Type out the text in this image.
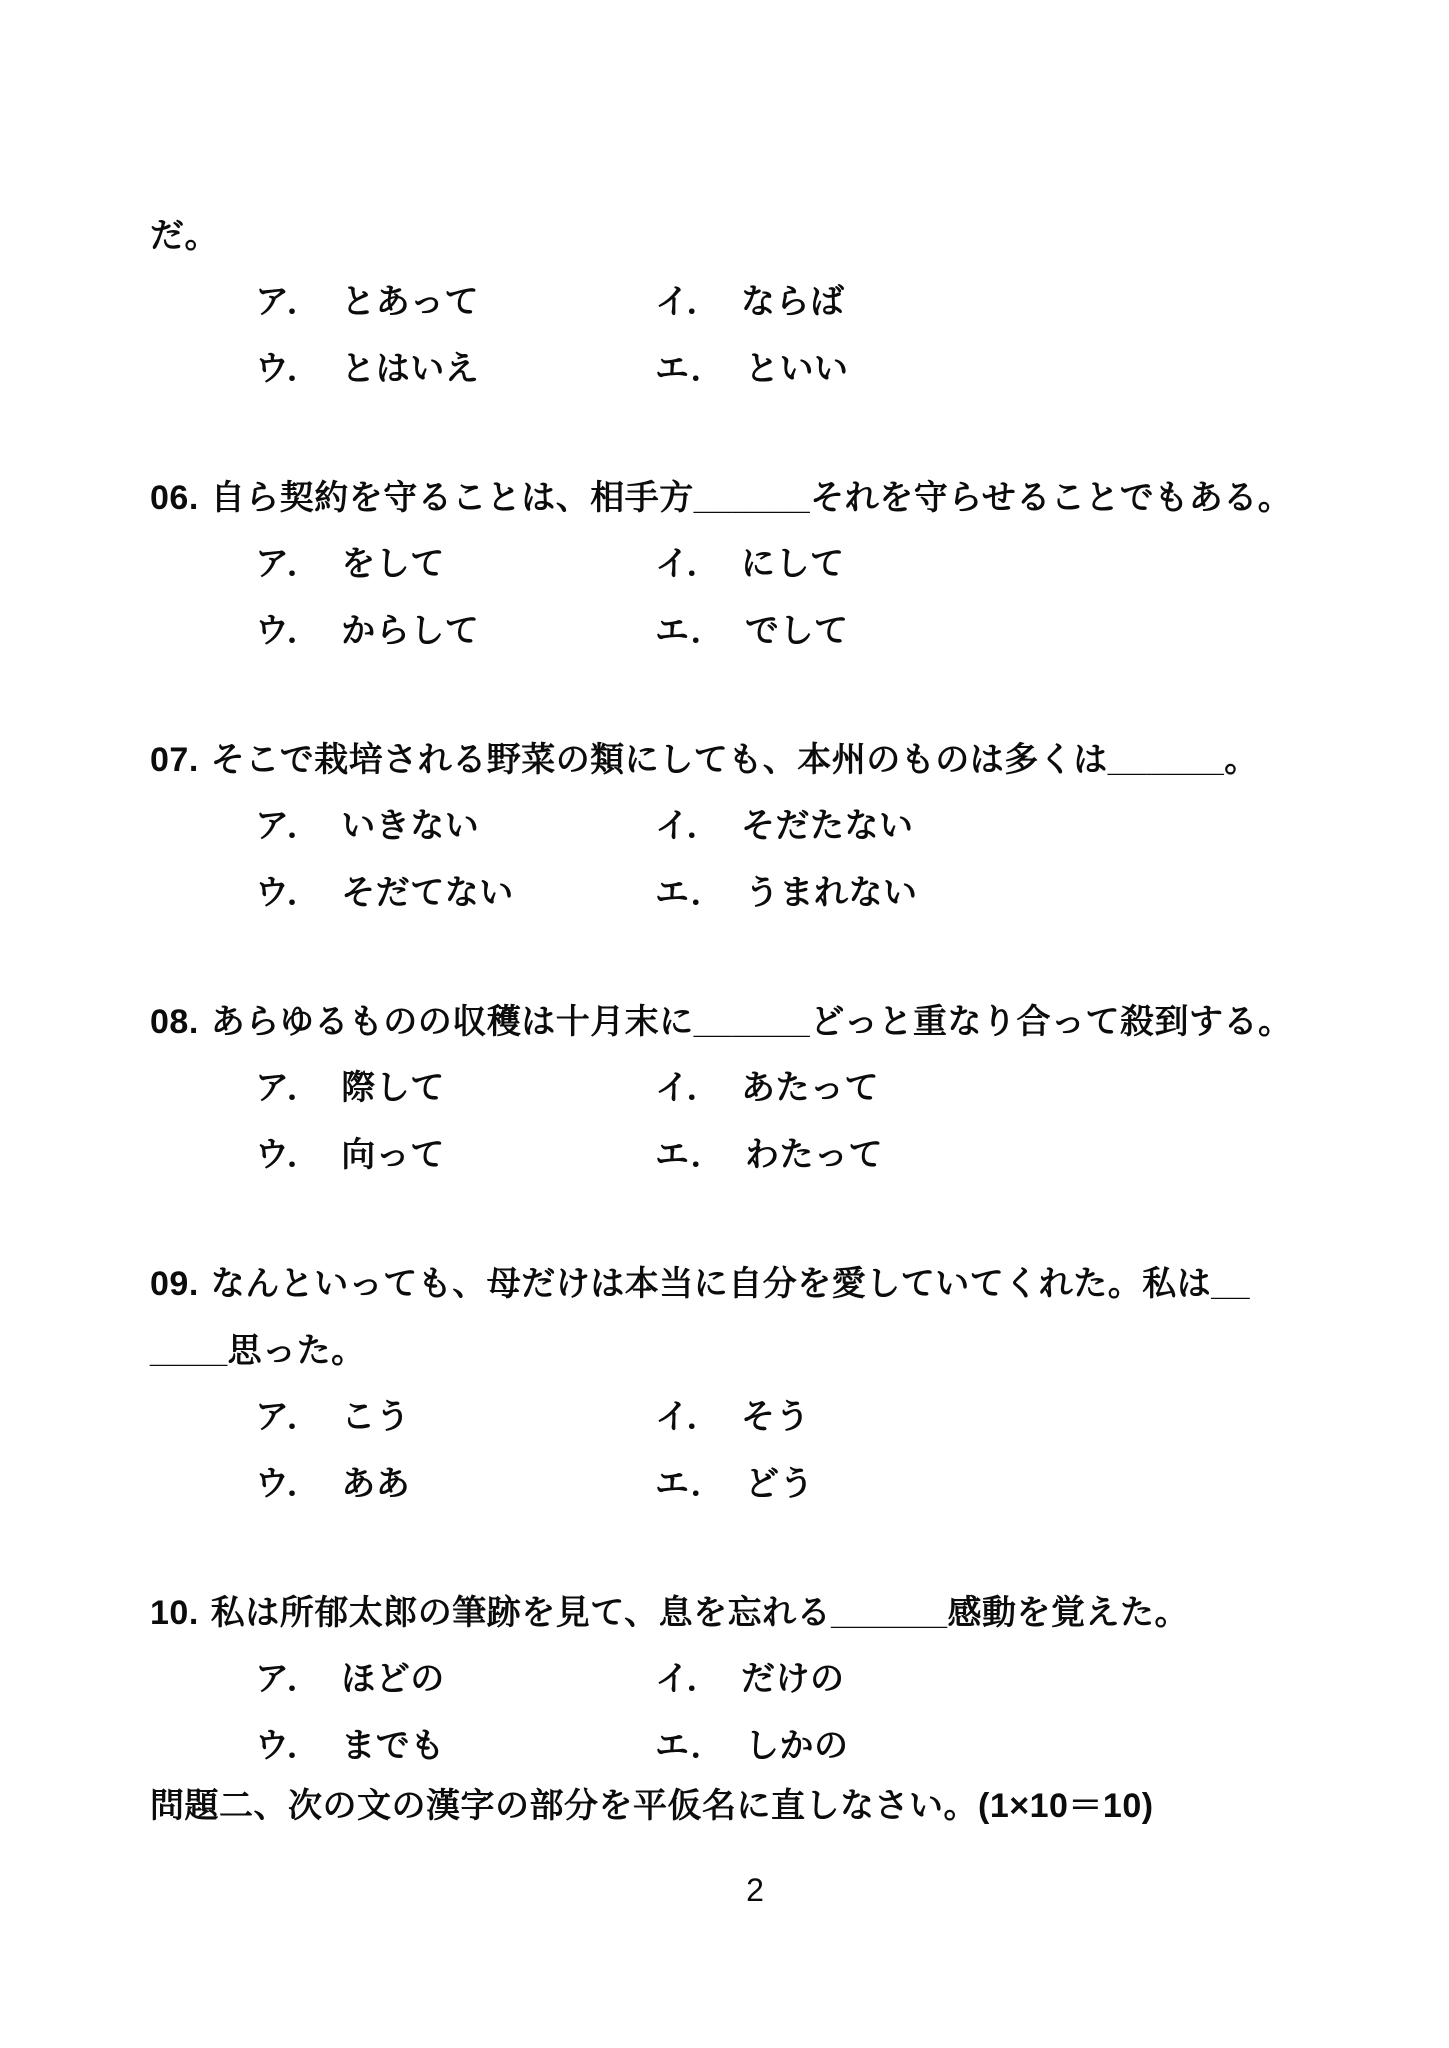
だ。
ア． とあって	イ． ならば
ウ． とはいえ	エ． といい
06. 自ら契約を守ることは、相手方______それを守らせることでもある。
ア． をして	イ． にして
ウ． からして	エ． でして
07. そこで栽培される野菜の類にしても、本州のものは多くは______。
ア． いきない	イ． そだたない
ウ． そだてない	エ． うまれない
08. あらゆるものの収穫は十月末に______どっと重なり合って殺到する。
ア． 際して	イ． あたって
ウ． 向って	エ． わたって
09. なんといっても、母だけは本当に自分を愛していてくれた。私は__
____思った。
ア． こう	イ． そう
ウ． ああ	エ． どう
10. 私は所郁太郎の筆跡を見て、息を忘れる______感動を覚えた。
ア． ほどの	イ． だけの
ウ． までも	エ． しかの
問題二、次の文の漢字の部分を平仮名に直しなさい。(1×10＝10)
2
